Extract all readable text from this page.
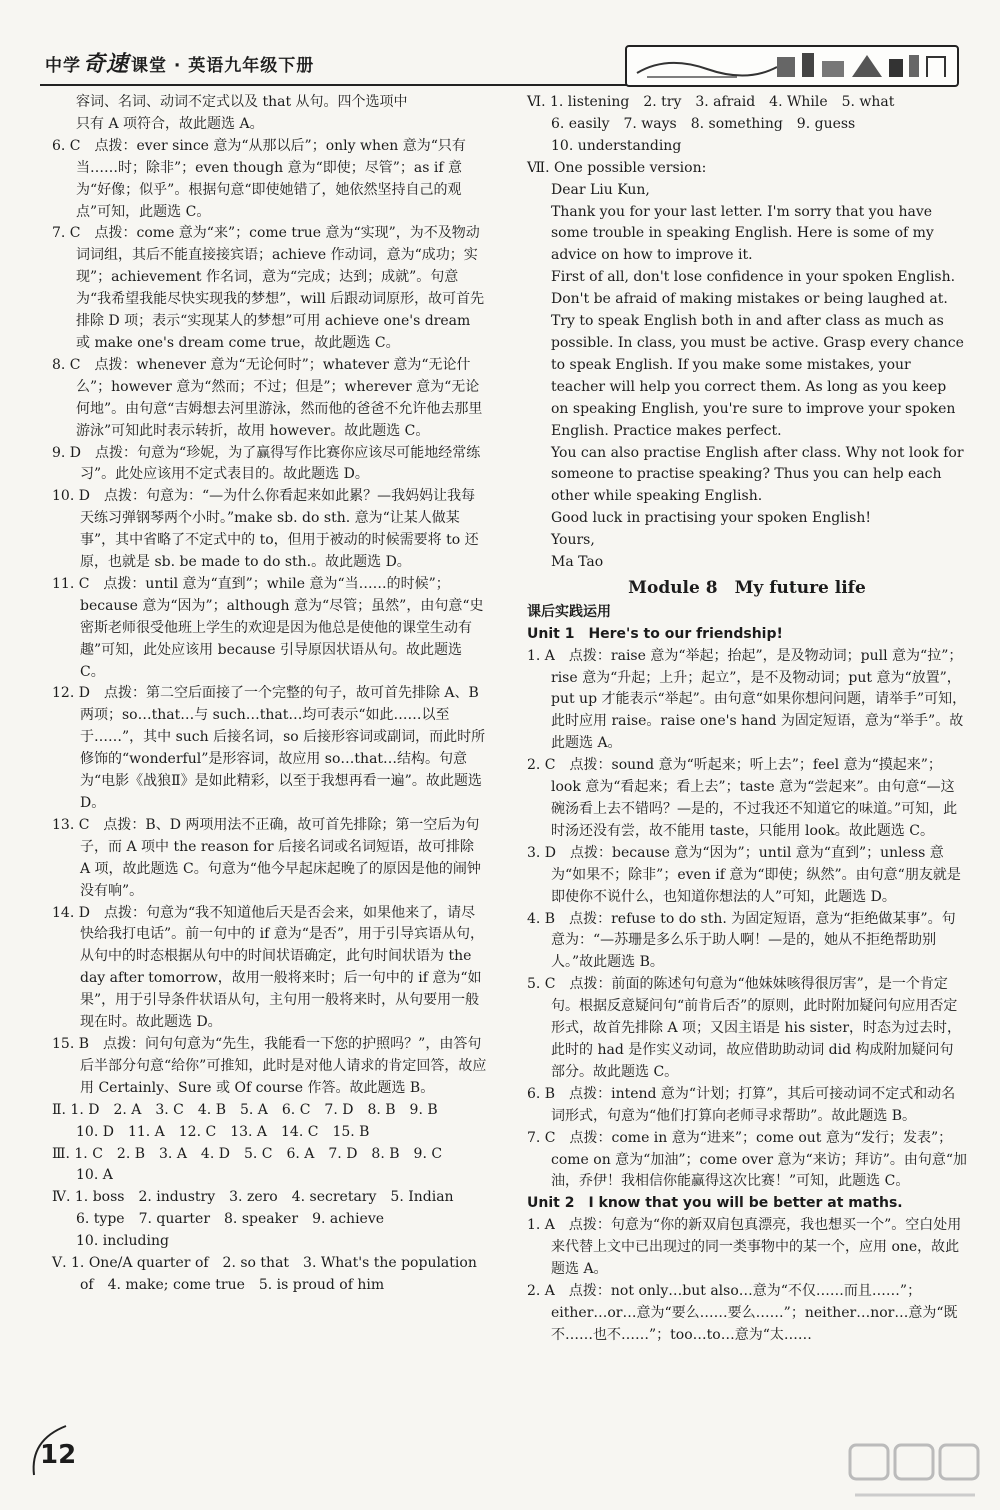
中学奇速 课堂 · 英语九年级下册

容词、名词、动词不定式以及 that 从句。四个选项中

只有 A 项符合，故此题选 A。

6. C　点拨：ever since 意为“从那以后”；only when 意为“只有当……时；除非”；even though 意为“即使；尽管”；as if 意为“好像；似乎”。根据句意“即使她错了，她依然坚持自己的观点”可知，此题选 C。

7. C　点拨：come 意为“来”；come true 意为“实现”，为不及物动词词组，其后不能直接接宾语；achieve 作动词，意为“成功；实现”；achievement 作名词，意为“完成；达到；成就”。句意为“我希望我能尽快实现我的梦想”，will 后跟动词原形，故可首先排除 D 项；表示“实现某人的梦想”可用 achieve one's dream 或 make one's dream come true，故此题选 C。

8. C　点拨：whenever 意为“无论何时”；whatever 意为“无论什么”；however 意为“然而；不过；但是”；wherever 意为“无论何地”。由句意“吉姆想去河里游泳，然而他的爸爸不允许他去那里游泳”可知此时表示转折，故用 however。故此题选 C。

9. D　点拨：句意为“珍妮，为了赢得写作比赛你应该尽可能地经常练习”。此处应该用不定式表目的。故此题选 D。

10. D　点拨：句意为：“—为什么你看起来如此累？—我妈妈让我每天练习弹钢琴两个小时。”make sb. do sth. 意为“让某人做某事”，其中省略了不定式中的 to，但用于被动的时候需要将 to 还原，也就是 sb. be made to do sth.。故此题选 D。

11. C　点拨：until 意为“直到”；while 意为“当……的时候”；because 意为“因为”；although 意为“尽管；虽然”，由句意“史密斯老师很受他班上学生的欢迎是因为他总是使他的课堂生动有趣”可知，此处应该用 because 引导原因状语从句。故此题选 C。

12. D　点拨：第二空后面接了一个完整的句子，故可首先排除 A、B 两项；so…that…与 such…that…均可表示“如此……以至于……”，其中 such 后接名词，so 后接形容词或副词，而此时所修饰的“wonderful”是形容词，故应用 so…that…结构。句意为“电影《战狼Ⅱ》是如此精彩，以至于我想再看一遍”。故此题选 D。

13. C　点拨：B、D 两项用法不正确，故可首先排除；第一空后为句子，而 A 项中 the reason for 后接名词或名词短语，故可排除 A 项，故此题选 C。句意为“他今早起床起晚了的原因是他的闹钟没有响”。

14. D　点拨：句意为“我不知道他后天是否会来，如果他来了，请尽快给我打电话”。前一句中的 if 意为“是否”，用于引导宾语从句，从句中的时态根据从句中的时间状语确定，此句时间状语为 the day after tomorrow，故用一般将来时；后一句中的 if 意为“如果”，用于引导条件状语从句，主句用一般将来时，从句要用一般现在时。故此题选 D。

15. B　点拨：问句句意为“先生，我能看一下您的护照吗？”，由答句后半部分句意“给你”可推知，此时是对他人请求的肯定回答，故应用 Certainly、Sure 或 Of course 作答。故此题选 B。

Ⅱ. 1. D　2. A　3. C　4. B　5. A　6. C　7. D　8. B　9. B

10. D　11. A　12. C　13. A　14. C　15. B

Ⅲ. 1. C　2. B　3. A　4. D　5. C　6. A　7. D　8. B　9. C

10. A

Ⅳ. 1. boss　2. industry　3. zero　4. secretary　5. Indian

6. type　7. quarter　8. speaker　9. achieve

10. including

Ⅴ. 1. One/A quarter of　2. so that　3. What's the population of　4. make; come true　5. is proud of him

Ⅵ. 1. listening　2. try　3. afraid　4. While　5. what

6. easily　7. ways　8. something　9. guess

10. understanding

Ⅶ. One possible version:

Dear Liu Kun,

Thank you for your last letter. I'm sorry that you have some trouble in speaking English. Here is some of my advice on how to improve it.

First of all, don't lose confidence in your spoken English. Don't be afraid of making mistakes or being laughed at. Try to speak English both in and after class as much as possible. In class, you must be active. Grasp every chance to speak English. If you make some mistakes, your teacher will help you correct them. As long as you keep on speaking English, you're sure to improve your spoken English. Practice makes perfect.

You can also practise English after class. Why not look for someone to practise speaking? Thus you can help each other while speaking English.

Good luck in practising your spoken English!

Yours,

Ma Tao

Module 8　My future life
课后实践运用
Unit 1　Here's to our friendship!

1. A　点拨：raise 意为“举起；抬起”，是及物动词；pull 意为“拉”；rise 意为“升起；上升；起立”，是不及物动词；put 意为“放置”，put up 才能表示“举起”。由句意“如果你想问问题，请举手”可知，此时应用 raise。raise one's hand 为固定短语，意为“举手”。故此题选 A。

2. C　点拨：sound 意为“听起来；听上去”；feel 意为“摸起来”；look 意为“看起来；看上去”；taste 意为“尝起来”。由句意“—这碗汤看上去不错吗？—是的，不过我还不知道它的味道。”可知，此时汤还没有尝，故不能用 taste，只能用 look。故此题选 C。

3. D　点拨：because 意为“因为”；until 意为“直到”；unless 意为“如果不；除非”；even if 意为“即使；纵然”。由句意“朋友就是即使你不说什么，也知道你想法的人”可知，此题选 D。

4. B　点拨：refuse to do sth. 为固定短语，意为“拒绝做某事”。句意为：“—苏珊是多么乐于助人啊！—是的，她从不拒绝帮助别人。”故此题选 B。

5. C　点拨：前面的陈述句句意为“他妹妹咳得很厉害”，是一个肯定句。根据反意疑问句“前肯后否”的原则，此时附加疑问句应用否定形式，故首先排除 A 项；又因主语是 his sister，时态为过去时，此时的 had 是作实义动词，故应借助助动词 did 构成附加疑问句部分。故此题选 C。

6. B　点拨：intend 意为“计划；打算”，其后可接动词不定式和动名词形式，句意为“他们打算向老师寻求帮助”。故此题选 B。

7. C　点拨：come in 意为“进来”；come out 意为“发行；发表”；come on 意为“加油”；come over 意为“来访；拜访”。由句意“加油，乔伊！我相信你能赢得这次比赛！”可知，此题选 C。

Unit 2　I know that you will be better at maths.

1. A　点拨：句意为“你的新双肩包真漂亮，我也想买一个”。空白处用来代替上文中已出现过的同一类事物中的某一个，应用 one，故此题选 A。

2. A　点拨：not only…but also…意为“不仅……而且……”；either…or…意为“要么……要么……”；neither…nor…意为“既不……也不……”；too…to…意为“太……

12
